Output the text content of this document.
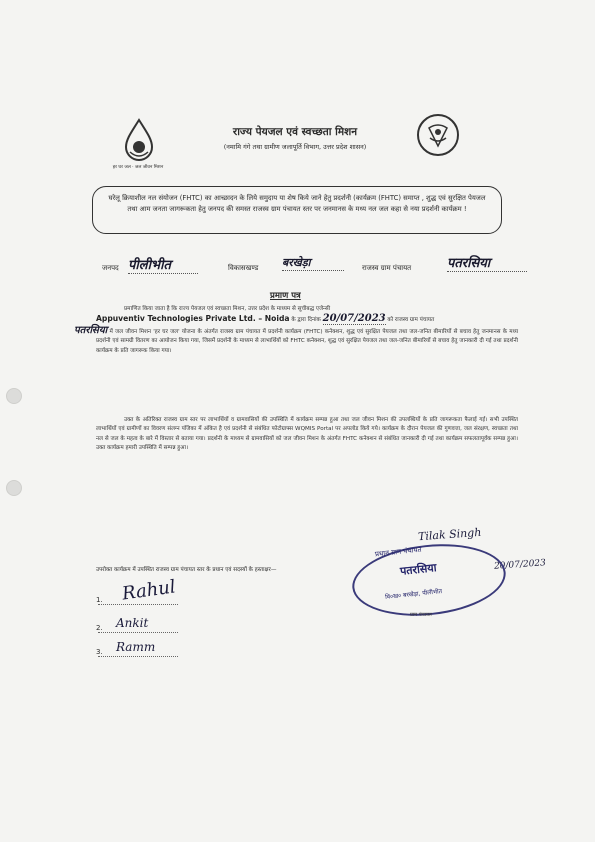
हर घर जल · जल जीवन मिशन
राज्य पेयजल एवं स्वच्छता मिशन
(नमामि गंगे तथा ग्रामीण जलापूर्ति विभाग, उत्तर प्रदेश शासन)
घरेलू क्रियाशील नल संयोजन (FHTC) का आच्छादन के लिये समुदाय या शेष किये जाने हेतु प्रदर्शनी (कार्यक्रम (FHTC) समाप्त , शुद्ध एवं सुरक्षित पेयजल तथा आम जनता जागरूकता हेतु जनपद की समस्त राजस्व ग्राम पंचायत स्तर पर जनमानस के मध्य नल जल कहा से नया प्रदर्शनी कार्यक्रम !
जनपद पीलीभीत	विकासखण्ड बरखेड़ा	राजस्व ग्राम पंचायत	पतरसिया
प्रमाण पत्र
प्रमाणित किया जाता है कि राज्य पेयजल एवं स्वच्छता मिशन, उत्तर प्रदेश के माध्यम से सूचीबद्ध एजेन्सी
Appuventiv Technologies Private Ltd. – Noida के द्वारा दिनांक 20/07/2023 को राजस्व ग्राम पंचायत
पतरसिया में जल जीवन मिशन 'हर घर जल' योजना के अंतर्गत राजस्व ग्राम पंचायत में प्रदर्शनी कार्यक्रम (FHTC) कनेक्शन, शुद्ध एवं सुरक्षित पेयजल तथा जल-जनित बीमारियों से बचाव हेतु जनमानस के मध्य प्रदर्शनी एवं सामग्री वितरण का आयोजन किया गया, जिसमें प्रदर्शनी के माध्यम से लाभार्थियों को FHTC कनेक्शन, शुद्ध एवं सुरक्षित पेयजल तथा जल-जनित बीमारियों से बचाव हेतु जानकारी दी गई तथा प्रदर्शनी कार्यक्रम के प्रति जागरूक किया गया।
उक्त के अतिरिक्त राजस्व ग्राम स्तर पर लाभार्थियों व ग्रामवासियों की उपस्थिति में कार्यक्रम सम्पन्न हुआ तथा जल जीवन मिशन की उपलब्धियों के प्रति जागरूकता फैलाई गई। सभी उपस्थित लाभार्थियों एवं ग्रामीणों का विवरण संलग्न पंजिका में अंकित है एवं प्रदर्शनी से संबंधित फोटोग्राफ्स WQMIS Portal पर अपलोड किये गये। कार्यक्रम के दौरान पेयजल की गुणवत्ता, जल संरक्षण, स्वच्छता तथा नल से जल के महत्व के बारे में विस्तार से बताया गया। प्रदर्शनी के माध्यम से ग्रामवासियों को जल जीवन मिशन के अंतर्गत FHTC कनेक्शन से संबंधित जानकारी दी गई तथा कार्यक्रम सफलतापूर्वक सम्पन्न हुआ। उक्त कार्यक्रम हमारी उपस्थिति में सम्पन्न हुआ।
उपरोक्त कार्यक्रम में उपस्थित राजस्व ग्राम पंचायत स्तर के प्रधान एवं सदस्यों के हस्ताक्षर—
1. Rahul
2. Ankit
3. Ramm
Tilak Singh
20/07/2023
प्रधान ग्राम पंचायत
पतरसिया
वि०ख० बरखेड़ा, पीलीभीत
ग्राम पंचायत
